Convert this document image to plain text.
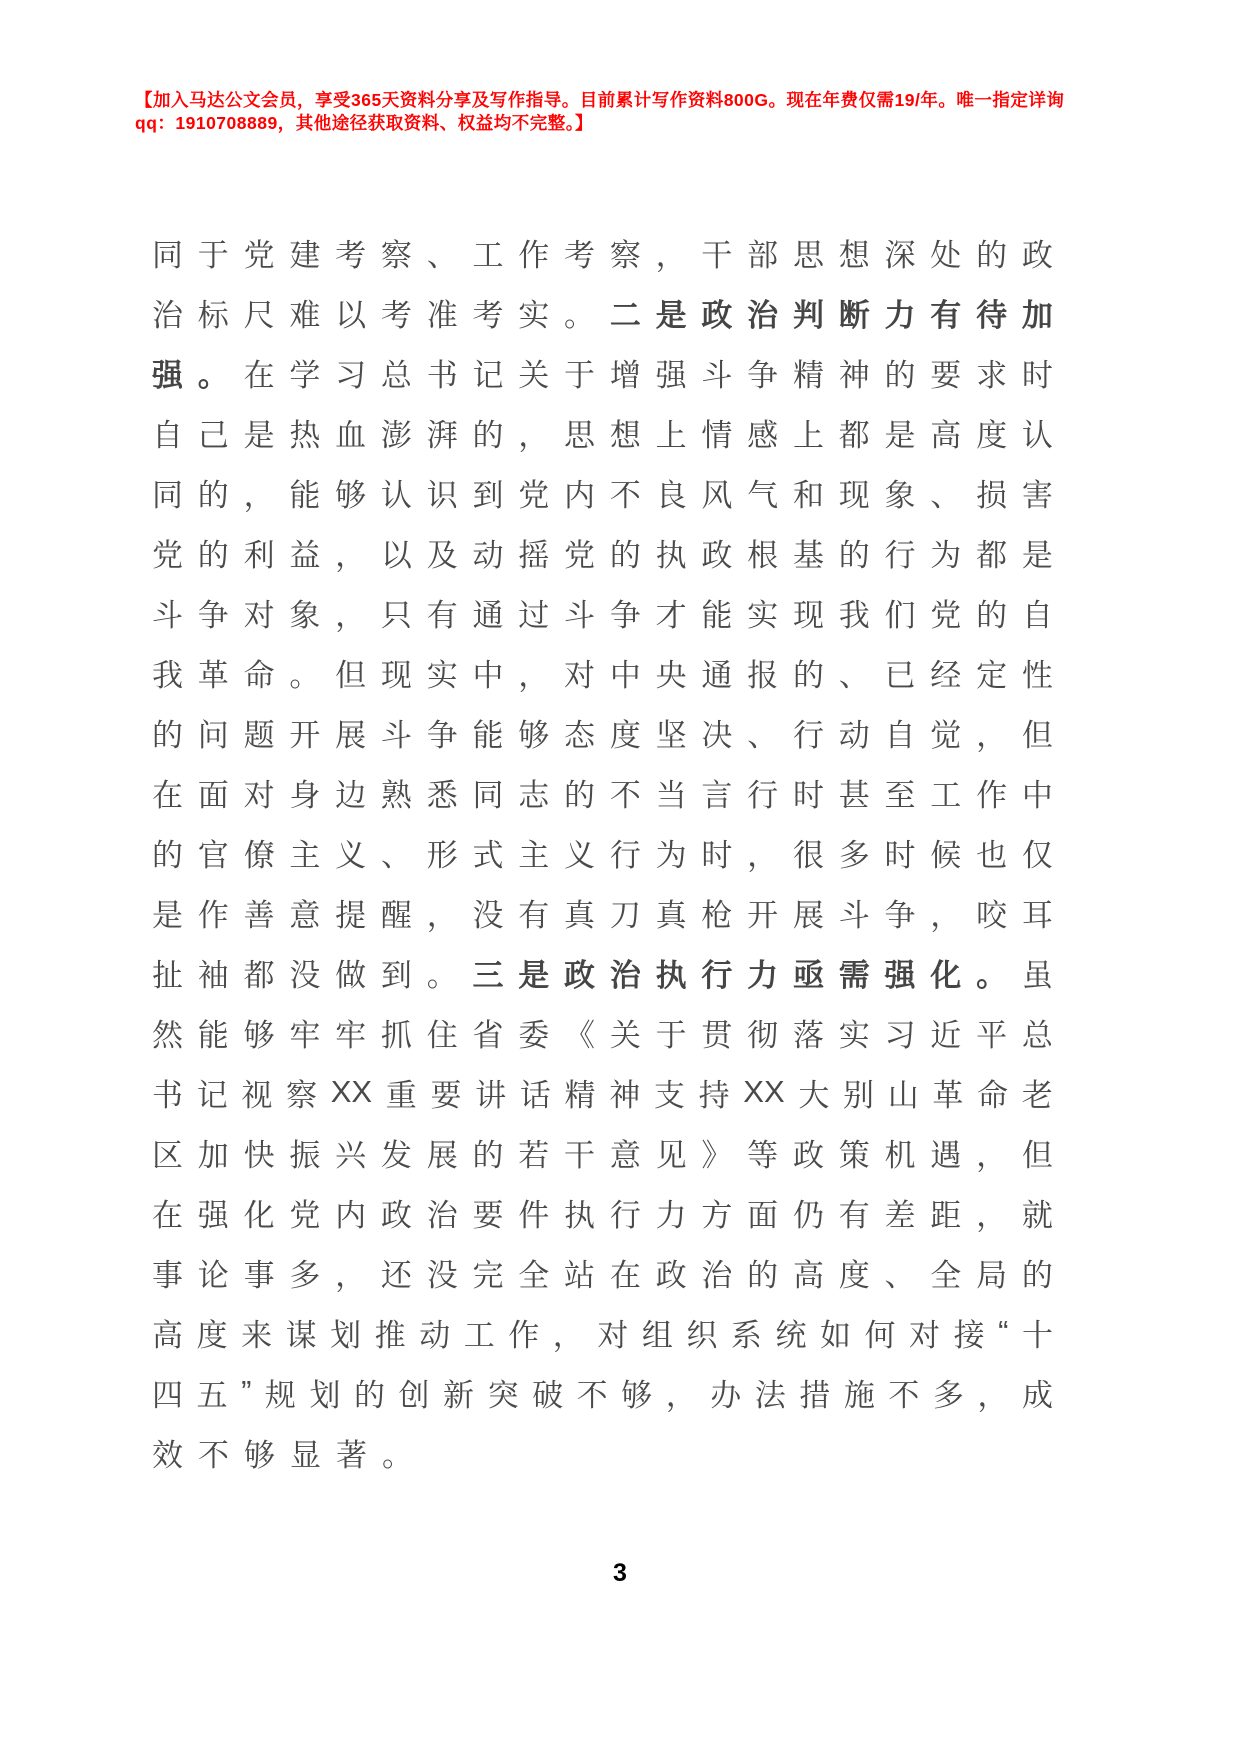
【加入马达公文会员，享受365天资料分享及写作指导。目前累计写作资料800G。现在年费仅需19/年。唯一指定详询
qq：1910708889，其他途径获取资料、权益均不完整。】
同 于 党 建 考 察 、 工 作 考 察 ， 干 部 思 想 深 处 的 政
治 标 尺 难 以 考 准 考 实 。 二 是 政 治 判 断 力 有 待 加
强 。 在 学 习 总 书 记 关 于 增 强 斗 争 精 神 的 要 求 时
自 己 是 热 血 澎 湃 的 ， 思 想 上 情 感 上 都 是 高 度 认
同 的 ， 能 够 认 识 到 党 内 不 良 风 气 和 现 象 、 损 害
党 的 利 益 ， 以 及 动 摇 党 的 执 政 根 基 的 行 为 都 是
斗 争 对 象 ， 只 有 通 过 斗 争 才 能 实 现 我 们 党 的 自
我 革 命 。 但 现 实 中 ， 对 中 央 通 报 的 、 已 经 定 性
的 问 题 开 展 斗 争 能 够 态 度 坚 决 、 行 动 自 觉 ， 但
在 面 对 身 边 熟 悉 同 志 的 不 当 言 行 时 甚 至 工 作 中
的 官 僚 主 义 、 形 式 主 义 行 为 时 ， 很 多 时 候 也 仅
是 作 善 意 提 醒 ， 没 有 真 刀 真 枪 开 展 斗 争 ， 咬 耳
扯 袖 都 没 做 到 。 三 是 政 治 执 行 力 亟 需 强 化 。 虽
然 能 够 牢 牢 抓 住 省 委 《 关 于 贯 彻 落 实 习 近 平 总
书 记 视 察 XX 重 要 讲 话 精 神 支 持 XX 大 别 山 革 命 老
区 加 快 振 兴 发 展 的 若 干 意 见 》 等 政 策 机 遇 ， 但
在 强 化 党 内 政 治 要 件 执 行 力 方 面 仍 有 差 距 ， 就
事 论 事 多 ， 还 没 完 全 站 在 政 治 的 高 度 、 全 局 的
高 度 来 谋 划 推 动 工 作 ， 对 组 织 系 统 如 何 对 接 “ 十
四 五 ” 规 划 的 创 新 突 破 不 够 ， 办 法 措 施 不 多 ， 成
效 不 够 显 著 。
3
